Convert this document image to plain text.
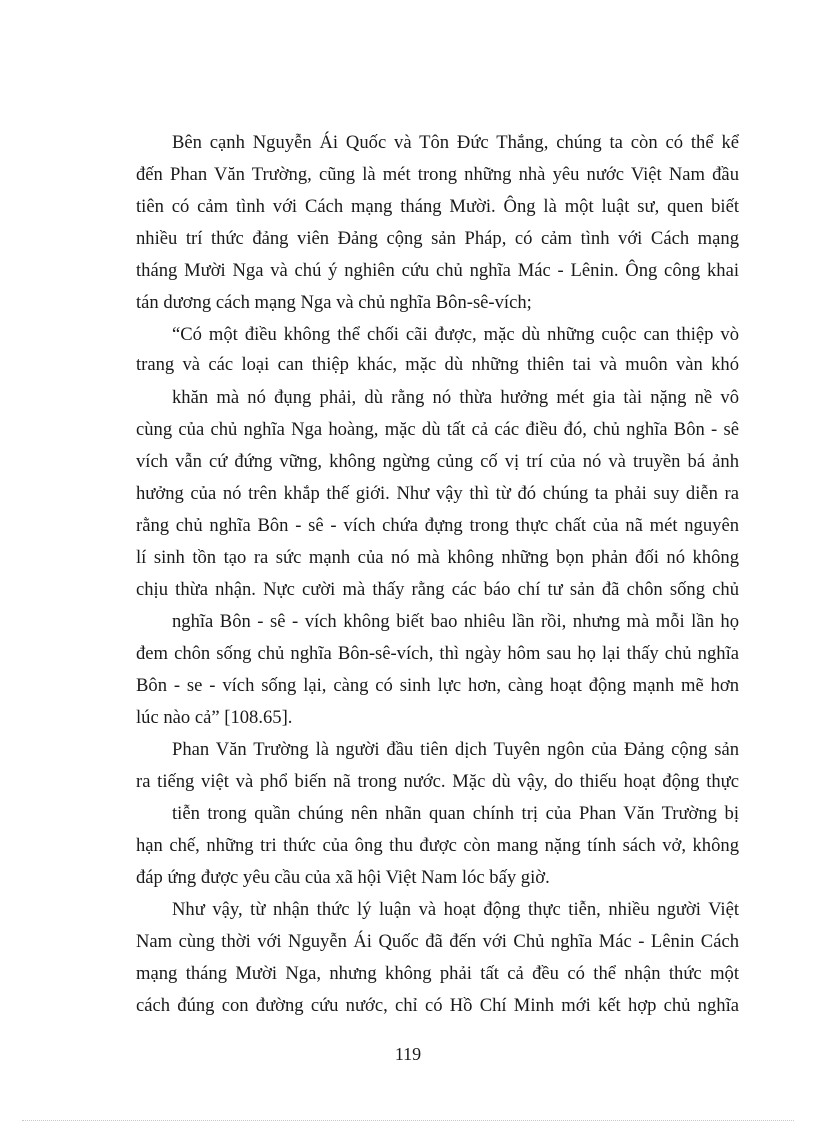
Bên cạnh Nguyễn Ái Quốc và Tôn Đức Thắng, chúng ta còn có thể kể
đến Phan Văn Trường, cũng là mét trong những nhà yêu nước Việt Nam đầu
tiên có cảm tình với Cách mạng tháng Mười. Ông là một luật sư, quen biết
nhiều trí thức đảng viên Đảng cộng sản Pháp, có cảm tình với Cách mạng
tháng Mười Nga và chú ý nghiên cứu chủ nghĩa Mác - Lênin. Ông công khai
tán dương cách mạng Nga và chủ nghĩa Bôn-sê-vích;
“Có một điều không thể chối cãi được, mặc dù những cuộc can thiệp vò
trang và các loại can thiệp khác, mặc dù những thiên tai và muôn vàn khó
khăn mà nó đụng phải, dù rằng nó thừa hưởng mét gia tài nặng nề vô
cùng của chủ nghĩa Nga hoàng, mặc dù tất cả các điều đó, chủ nghĩa Bôn - sê
vích vẫn cứ đứng vững, không ngừng củng cố vị trí của nó và truyền bá ảnh
hưởng của nó trên khắp thế giới. Như vậy thì từ đó chúng ta phải suy diễn ra
rằng chủ nghĩa Bôn - sê - vích chứa đựng trong thực chất của nã mét nguyên
lí sinh tồn tạo ra sức mạnh của nó mà không những bọn phản đối nó không
chịu thừa nhận. Nực cười mà thấy rằng các báo chí tư sản đã chôn sống chủ
nghĩa Bôn - sê - vích không biết bao nhiêu lần rồi, nhưng mà mỗi lần họ
đem chôn sống chủ nghĩa Bôn-sê-vích, thì ngày hôm sau họ lại thấy chủ nghĩa
Bôn - se - vích sống lại, càng có sinh lực hơn, càng hoạt động mạnh mẽ hơn
lúc nào cả” [108.65].
Phan Văn Trường là người đầu tiên dịch Tuyên ngôn của Đảng cộng sản
ra tiếng việt và phổ biến nã trong nước. Mặc dù vậy, do thiếu hoạt động thực
tiễn trong quần chúng nên nhãn quan chính trị của Phan Văn Trường bị
hạn chế, những tri thức của ông thu được còn mang nặng tính sách vở, không
đáp ứng được yêu cầu của xã hội Việt Nam lóc bấy giờ.
Như vậy, từ nhận thức lý luận và hoạt động thực tiễn, nhiều người Việt
Nam cùng thời với Nguyễn Ái Quốc đã đến với Chủ nghĩa Mác - Lênin Cách
mạng tháng Mười Nga, nhưng không phải tất cả đều có thể nhận thức một
cách đúng con đường cứu nước, chỉ có Hồ Chí Minh mới kết hợp chủ nghĩa
119
